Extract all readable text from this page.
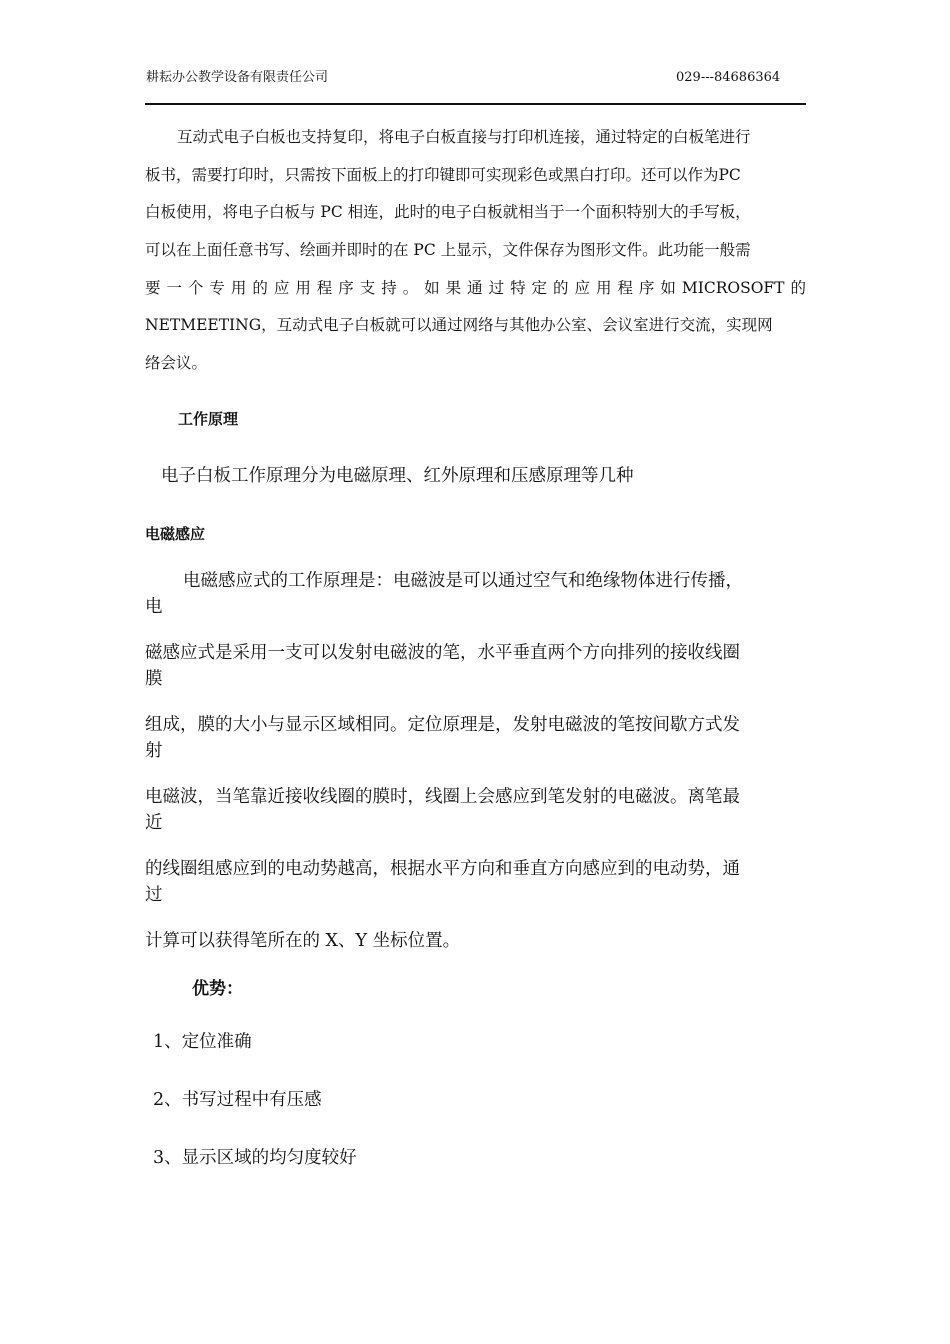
耕耘办公教学设备有限责任公司	029---84686364
互动式电子白板也支持复印，将电子白板直接与打印机连接，通过特定的白板笔进行
板书，需要打印时，只需按下面板上的打印键即可实现彩色或黑白打印。还可以作为PC
白板使用，将电子白板与 PC 相连，此时的电子白板就相当于一个面积特别大的手写板，
可以在上面任意书写、绘画并即时的在 PC 上显示，文件保存为图形文件。此功能一般需
要一个专用的应用程序支持。如果通过特定的应用程序如MICROSOFT的
NETMEETING，互动式电子白板就可以通过网络与其他办公室、会议室进行交流，实现网
络会议。
工作原理
电子白板工作原理分为电磁原理、红外原理和压感原理等几种
电磁感应
电磁感应式的工作原理是：电磁波是可以通过空气和绝缘物体进行传播，
电
磁感应式是采用一支可以发射电磁波的笔，水平垂直两个方向排列的接收线圈
膜
组成，膜的大小与显示区域相同。定位原理是，发射电磁波的笔按间歇方式发
射
电磁波，当笔靠近接收线圈的膜时，线圈上会感应到笔发射的电磁波。离笔最
近
的线圈组感应到的电动势越高，根据水平方向和垂直方向感应到的电动势，通
过
计算可以获得笔所在的 X、Y 坐标位置。
优势：
1、定位准确
2、书写过程中有压感
3、显示区域的均匀度较好
